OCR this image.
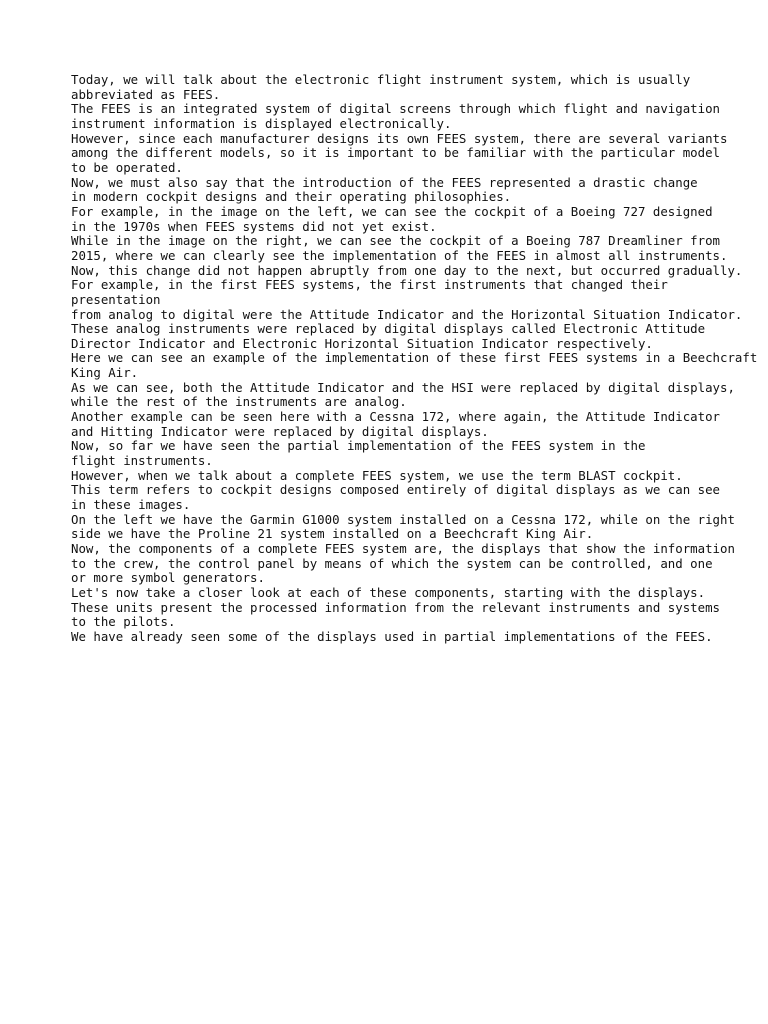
Today, we will talk about the electronic flight instrument system, which is usually
abbreviated as FEES.
The FEES is an integrated system of digital screens through which flight and navigation
instrument information is displayed electronically.
However, since each manufacturer designs its own FEES system, there are several variants
among the different models, so it is important to be familiar with the particular model
to be operated.
Now, we must also say that the introduction of the FEES represented a drastic change
in modern cockpit designs and their operating philosophies.
For example, in the image on the left, we can see the cockpit of a Boeing 727 designed
in the 1970s when FEES systems did not yet exist.
While in the image on the right, we can see the cockpit of a Boeing 787 Dreamliner from
2015, where we can clearly see the implementation of the FEES in almost all instruments.
Now, this change did not happen abruptly from one day to the next, but occurred gradually.
For example, in the first FEES systems, the first instruments that changed their presentation
from analog to digital were the Attitude Indicator and the Horizontal Situation Indicator.
These analog instruments were replaced by digital displays called Electronic Attitude
Director Indicator and Electronic Horizontal Situation Indicator respectively.
Here we can see an example of the implementation of these first FEES systems in a Beechcraft
King Air.
As we can see, both the Attitude Indicator and the HSI were replaced by digital displays,
while the rest of the instruments are analog.
Another example can be seen here with a Cessna 172, where again, the Attitude Indicator
and Hitting Indicator were replaced by digital displays.
Now, so far we have seen the partial implementation of the FEES system in the
flight instruments.
However, when we talk about a complete FEES system, we use the term BLAST cockpit.
This term refers to cockpit designs composed entirely of digital displays as we can see
in these images.
On the left we have the Garmin G1000 system installed on a Cessna 172, while on the right
side we have the Proline 21 system installed on a Beechcraft King Air.
Now, the components of a complete FEES system are, the displays that show the information
to the crew, the control panel by means of which the system can be controlled, and one
or more symbol generators.
Let's now take a closer look at each of these components, starting with the displays.
These units present the processed information from the relevant instruments and systems
to the pilots.
We have already seen some of the displays used in partial implementations of the FEES.
